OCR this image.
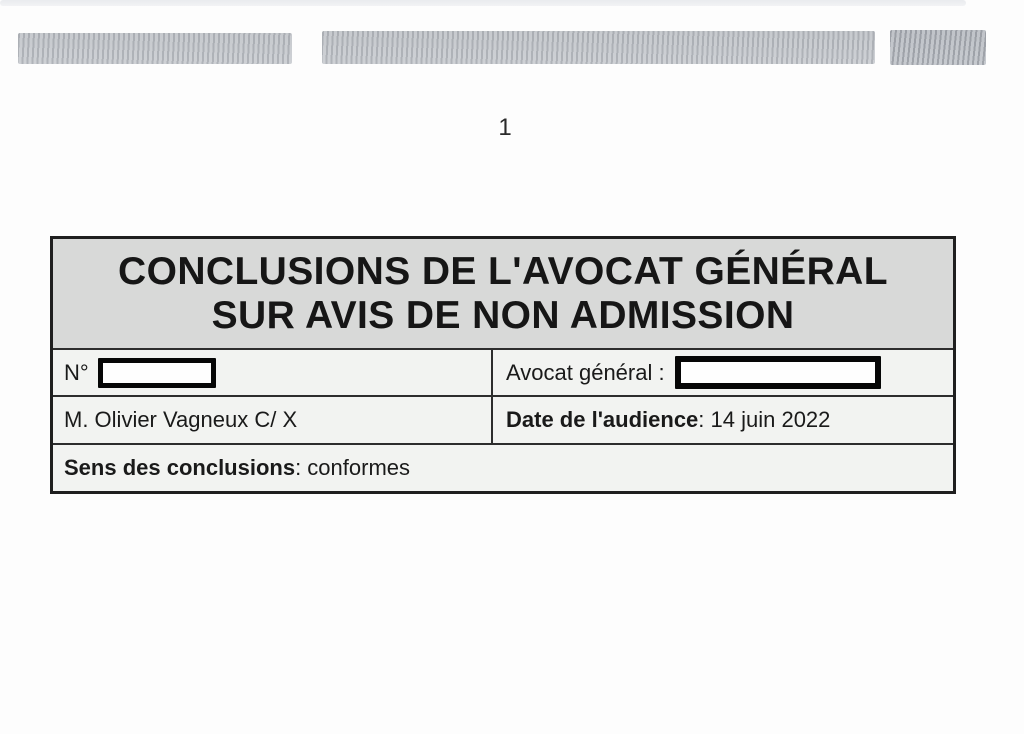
1
CONCLUSIONS DE L'AVOCAT GÉNÉRAL
SUR AVIS DE NON ADMISSION
N°	Avocat général :
M. Olivier Vagneux C/ X	Date de l'audience : 14 juin 2022
Sens des conclusions : conformes
